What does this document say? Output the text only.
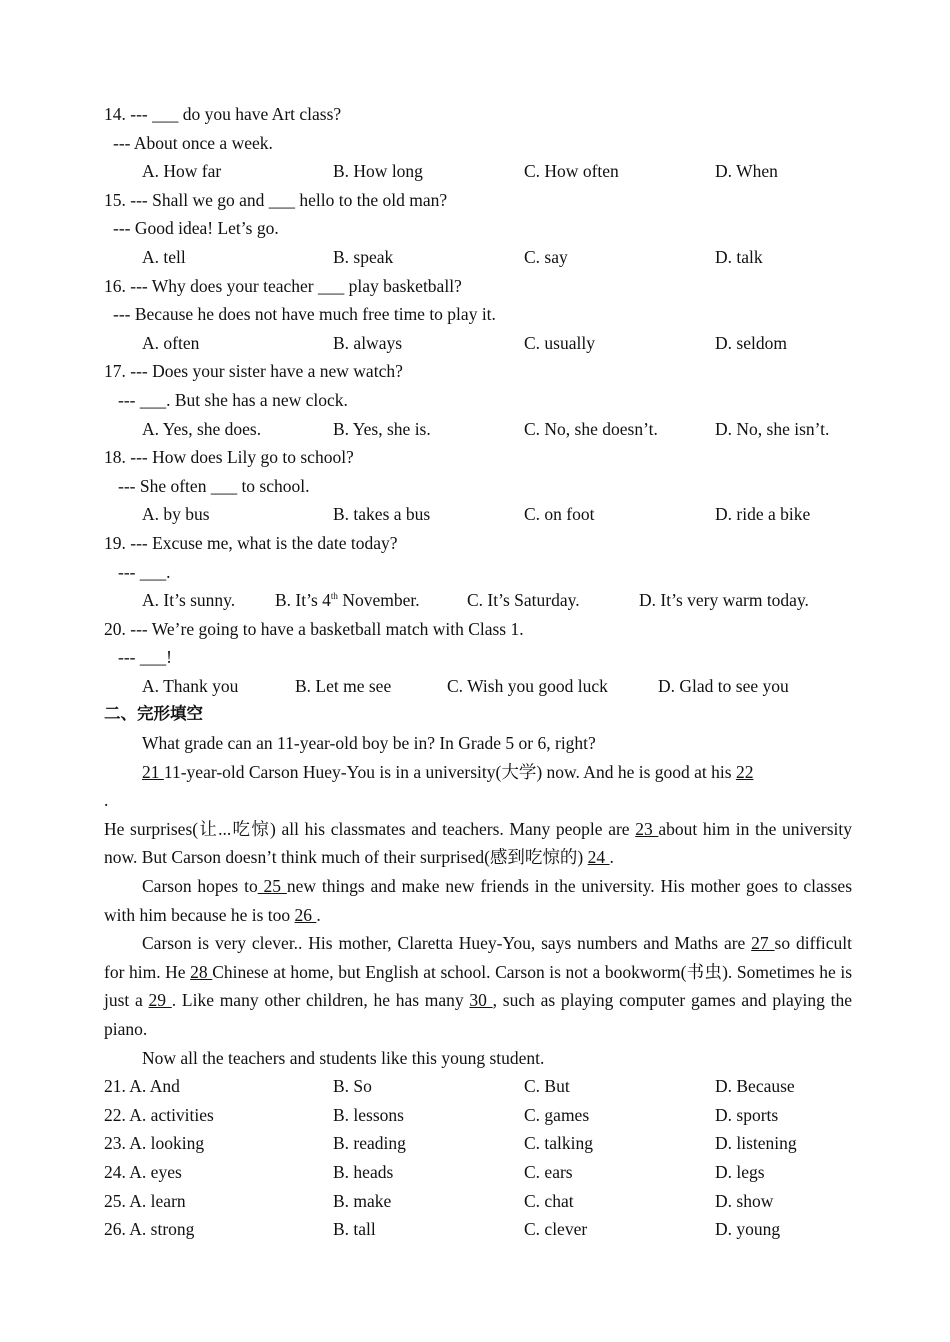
14. --- ___ do you have Art class?
--- About once a week.
A. How far	B. How long	C. How often	D. When
15. --- Shall we go and ___ hello to the old man?
--- Good idea! Let’s go.
A. tell	B. speak	C. say	D. talk
16. --- Why does your teacher ___ play basketball?
--- Because he does not have much free time to play it.
A. often	B. always	C. usually	D. seldom
17. --- Does your sister have a new watch?
--- ___. But she has a new clock.
A. Yes, she does.	B. Yes, she is.	C. No, she doesn’t.	D. No, she isn’t.
18. --- How does Lily go to school?
--- She often ___ to school.
A. by bus	B. takes a bus	C. on foot	D. ride a bike
19. --- Excuse me, what is the date today?
--- ___.
A. It’s sunny. B. It’s 4th November.	C. It’s Saturday.	D. It’s very warm today.
20. --- We’re going to have a basketball match with Class 1.
--- ___!
A. Thank you	B. Let me see	C. Wish you good luck	D. Glad to see you
二、完形填空

What grade can an 11-year-old boy be in? In Grade 5 or 6, right?

21 11-year-old Carson Huey-You is in a university(大学) now. And he is good at his 22
.

He surprises(让...吃惊) all his classmates and teachers. Many people are 23 about him in the university now. But Carson doesn’t think much of their surprised(感到吃惊的) 24 .

Carson hopes to 25 new things and make new friends in the university. His mother goes to classes with him because he is too 26 .

Carson is very clever.. His mother, Claretta Huey-You, says numbers and Maths are 27 so difficult for him. He 28 Chinese at home, but English at school. Carson is not a bookworm(书虫). Sometimes he is just a 29 . Like many other children, he has many 30 , such as playing computer games and playing the piano.

Now all the teachers and students like this young student.

21. A. And	B. So	C. But	D. Because
22. A. activities	B. lessons	C. games	D. sports
23. A. looking	B. reading	C. talking	D. listening
24. A. eyes	B. heads	C. ears	D. legs
25. A. learn	B. make	C. chat	D. show
26. A. strong	B. tall	C. clever	D. young
